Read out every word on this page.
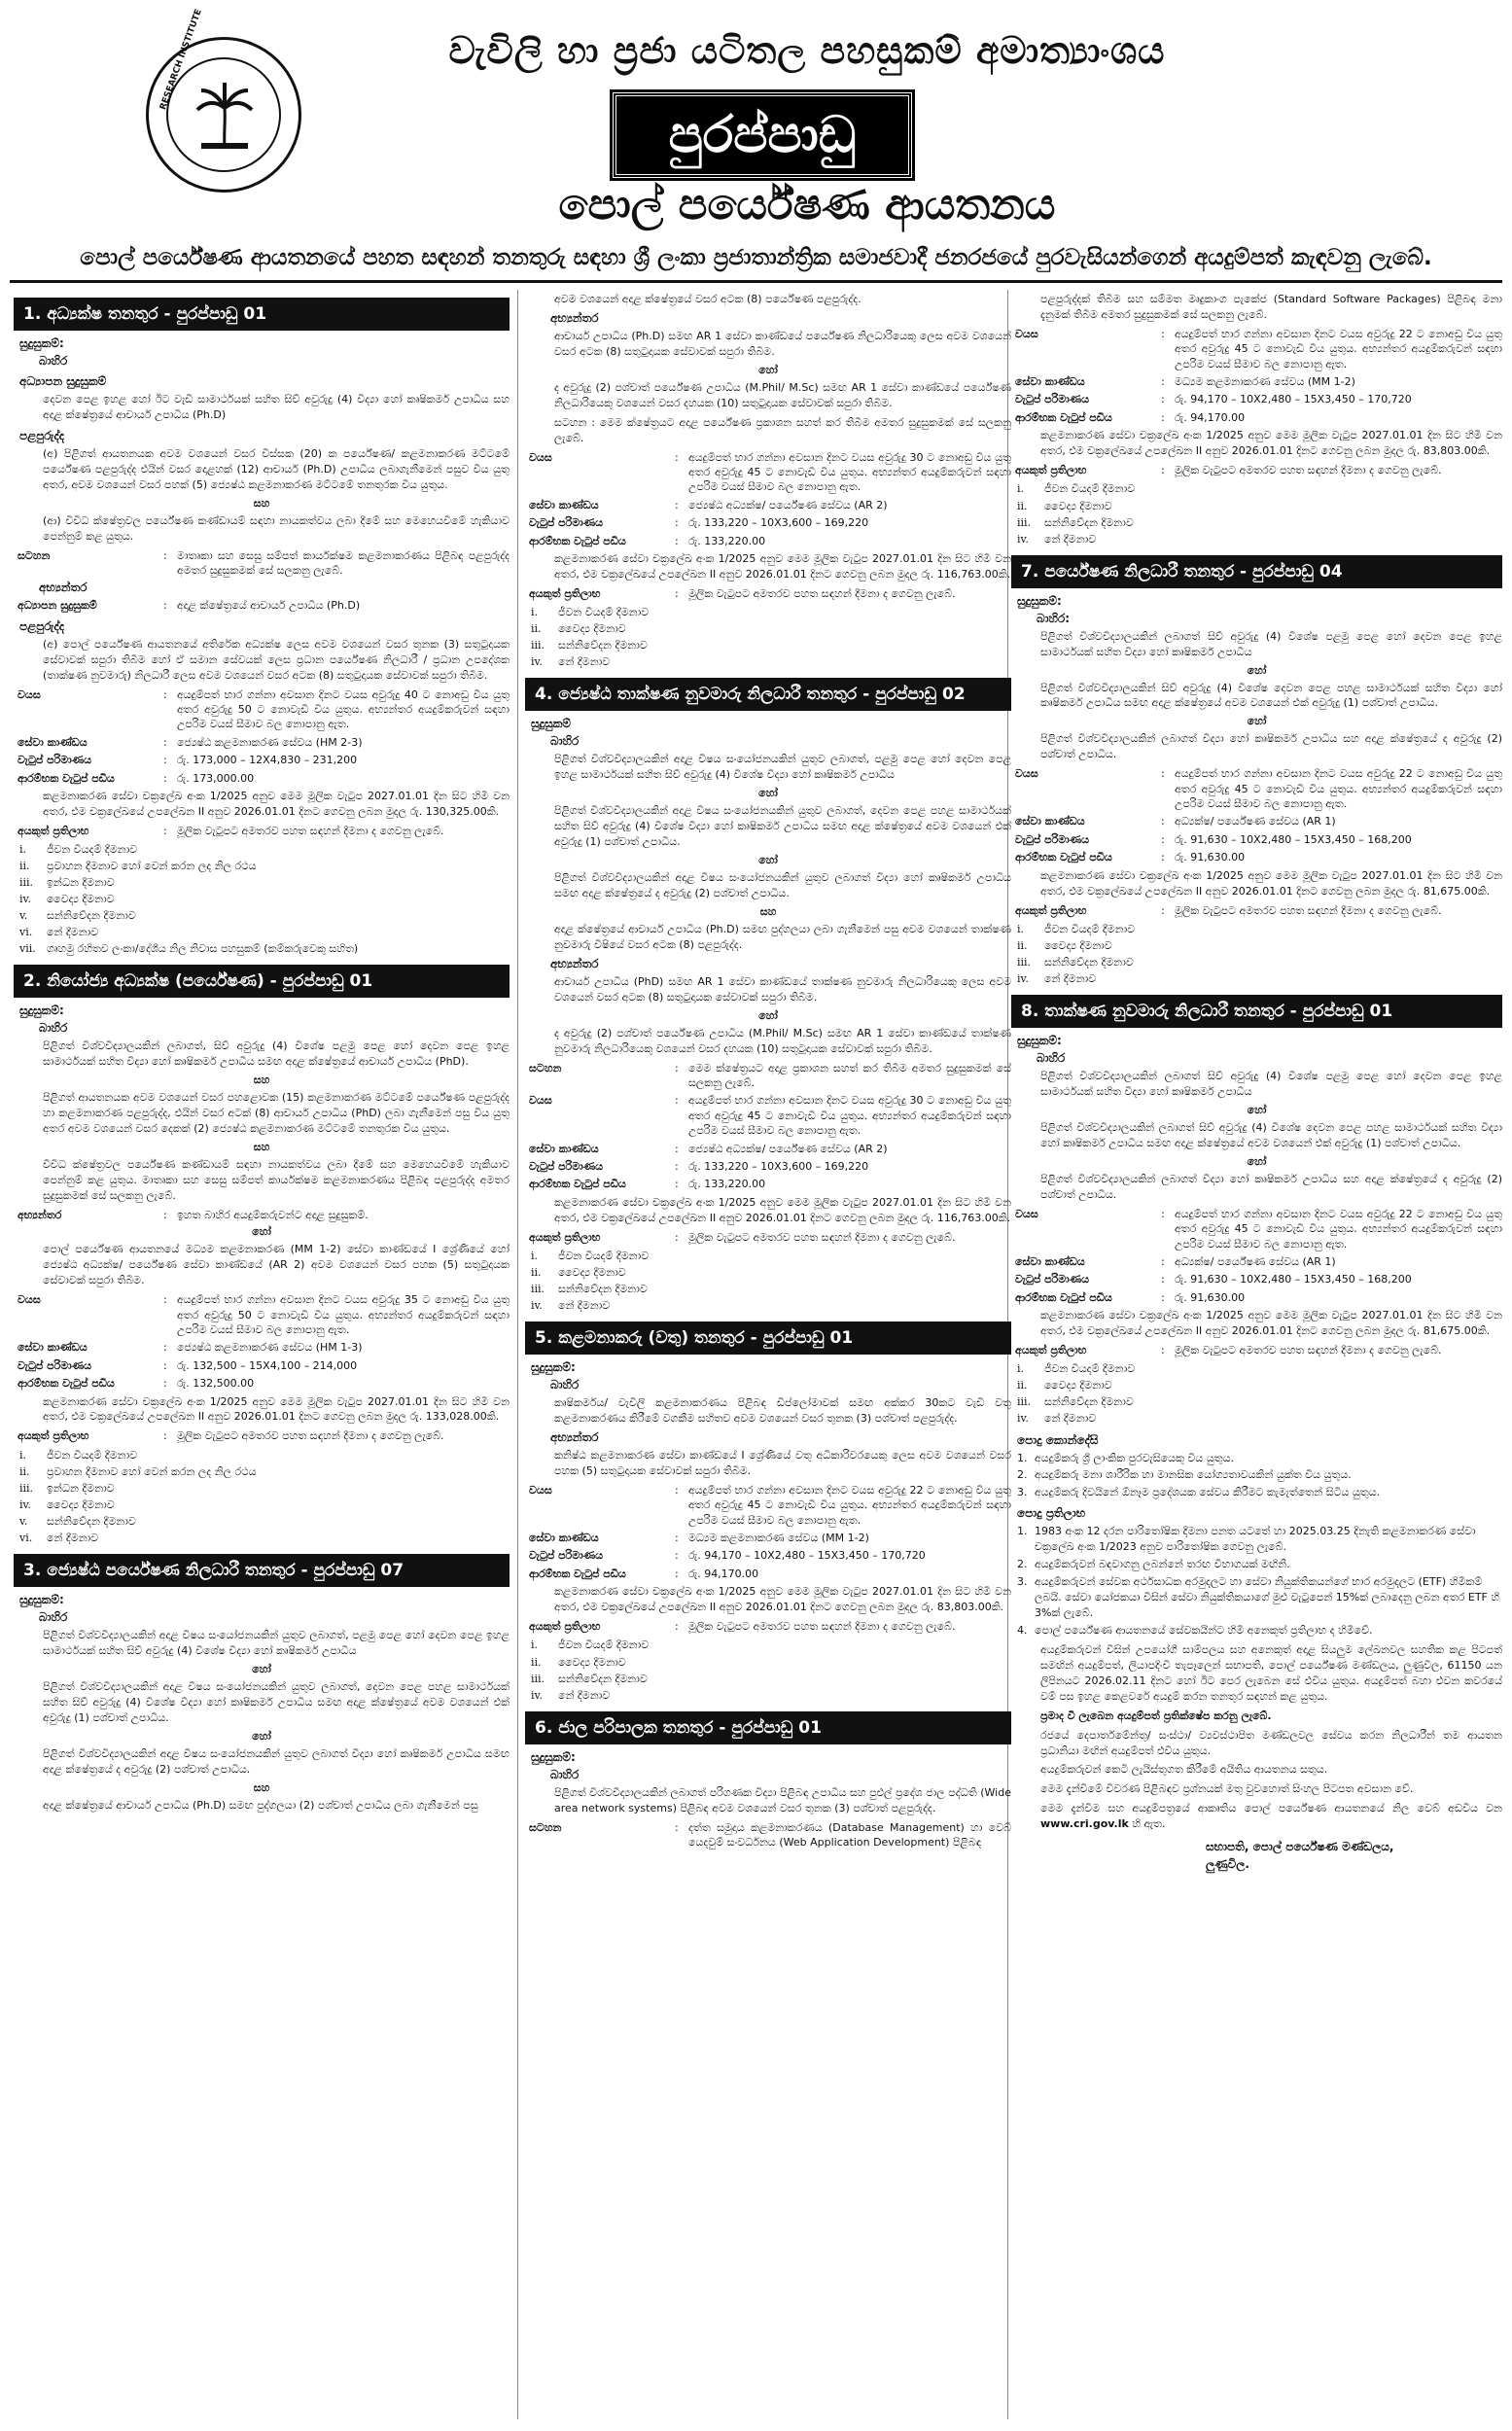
RESEARCH INSTITUTE	වැවිලි හා ප්‍රජා යටිතල පහසුකම් අමාත්‍යාංශය
පුරප්පාඩු
පොල් පර්යේෂණ ආයතනය
පොල් පර්යේෂණ ආයතනයේ පහත සඳහන් තනතුරු සඳහා ශ්‍රී ලංකා ප්‍රජාතාන්ත්‍රික සමාජවාදී ජනරජයේ පුරවැසියන්ගෙන් අයදුම්පත් කැඳවනු ලැබේ.
1. අධ්‍යක්ෂ තනතුර - පුරප්පාඩු 01
සුදුසුකම්:
බාහිර
අධ්‍යාපන සුදුසුකම්
දෙවන පෙළ ඉහළ හෝ ඊට වැඩි සාමාර්ථයක් සහිත සිව් අවුරුදු (4) විද්‍යා හෝ කෘෂිකර්ම උපාධිය සහ අදාළ ක්ෂේත්‍රයේ ආචාර්ය උපාධිය (Ph.D)
පළපුරුද්ද
(අ) පිළිගත් ආයතනයක අවම වශයෙන් වසර විස්සක (20) ක පර්යේෂණ/ කළමනාකරණ මට්ටමේ පර්යේෂණ පළපුරුද්ද එයින් වසර දොළහක් (12) ආචාර්ය (Ph.D) උපාධිය ලබාගැනීමෙන් පසුව විය යුතු අතර, අවම වශයෙන් වසර පහක් (5) ජ්‍යෙෂ්ඨ කළමනාකරණ මට්ටමේ තනතුරක විය යුතුය.
සහ
(ආ) විවිධ ක්ෂේත්‍රවල පර්යේෂණ කණ්ඩායම් සඳහා නායකත්වය ලබා දීමේ සහ මෙහෙයවීමේ හැකියාව පෙන්නුම් කළ යුතුය.
සටහන	: මාතෘකා සහ සෙසු සම්පත් කාර්යක්ෂම කළමනාකරණය පිළිබඳ පළපුරුද්ද අමතර සුදුසුකමක් සේ සලකනු ලැබේ.
අභ්‍යන්තර
අධ්‍යාපන සුදුසුකම්	: අදාළ ක්ෂේත්‍රයේ ආචාර්ය උපාධිය (Ph.D)
පළපුරුද්ද
(අ) පොල් පර්යේෂණ ආයතනයේ අතිරේක අධ්‍යක්ෂ ලෙස අවම වශයෙන් වසර තුනක (3) සතුටුදායක සේවාවක් සපුරා තිබීම හෝ ඒ සමාන සේවයක් ලෙස ප්‍රධාන පර්යේෂණ නිලධාරී / ප්‍රධාන උපදේශක (තාක්ෂණ නුවමාරු) නිලධාරී ලෙස අවම වශයෙන් වසර අටක (8) සතුටුදායක සේවාවක් සපුරා තිබීම.
වයස	: අයදුම්පත් භාර ගන්නා අවසාන දිනට වයස අවුරුදු 40 ට නොඅඩු විය යුතු අතර අවුරුදු 50 ට නොවැඩි විය යුතුය. අභ්‍යන්තර අයදුම්කරුවන් සඳහා උපරිම වයස් සීමාව බල නොපානු ඇත.
සේවා කාණ්ඩය	: ජ්‍යෙෂ්ඨ කළමනාකරණ සේවය (HM 2-3)
වැටුප් පරිමාණය	: රු. 173,000 – 12X4,830 – 231,200
ආරම්භක වැටුප් පඩිය	: රු. 173,000.00
කළමනාකරණ සේවා චක්‍රලේඛ අංක 1/2025 අනුව මෙම මූලික වැටුප 2027.01.01 දින සිට හිමි වන අතර, එම චක්‍රලේඛයේ උපලේඛන II අනුව 2026.01.01 දිනට ගෙවනු ලබන මුදල රු. 130,325.00කි.
අයකුත් ප්‍රතිලාභ	: මූලික වැටුපට අමතරව පහත සඳහන් දීමනා ද ගෙවනු ලැබේ.
i.	ජීවන වියදම් දීමනාව
ii.	ප්‍රවාහන දීමනාව හෝ වෙන් කරන ලද නිල රථය
iii.	ඉන්ධන දීමනාව
iv.	වෛද්‍ය දීමනාව
v.	සන්නිවේදන දීමනාව
vi.	නේ දීමනාව
vii.	ගෘහමු රහිතව ලංකා/දේශීය නිල නිවාස පහසුකම් (කම්කරුවෙකු සහිත)
2. නියෝජ්‍ය අධ්‍යක්ෂ (පර්යේෂණ) - පුරප්පාඩු 01
සුදුසුකම්:
බාහිර
පිළිගත් විශ්වවිද්‍යාලයකින් ලබාගත්, සිව් අවුරුදු (4) විශේෂ පළමු පෙළ හෝ දෙවන පෙළ ඉහළ සාමාර්ථයක් සහිත විද්‍යා හෝ කෘෂිකර්ම උපාධිය සමඟ අදාළ ක්ෂේත්‍රයේ ආචාර්ය උපාධිය (PhD).
සහ
පිළිගත් ආයතනයක අවම වශයෙන් වසර පහළොවක (15) කළමනාකරණ මට්ටමේ පර්යේෂණ පළපුරුද්ද හා කළමනාකරණ පළපුරුද්ද, එයින් වසර අටක් (8) ආචාර්ය උපාධිය (PhD) ලබා ගැනීමෙන් පසු විය යුතු අතර අවම වශයෙන් වසර දෙකක් (2) ජ්‍යෙෂ්ඨ කළමනාකරණ මට්ටමේ තනතුරක විය යුතුය.
සහ
විවිධ ක්ෂේත්‍රවල පර්යේෂණ කණ්ඩායම් සඳහා නායකත්වය ලබා දීමේ සහ මෙහෙයවීමේ හැකියාව පෙන්නුම් කළ යුතුය. මාතෘකා සහ සෙසු සම්පත් කාර්යක්ෂම කළමනාකරණය පිළිබඳ පළපුරුද්ද අමතර සුදුසුකමක් සේ සලකනු ලැබේ.
අභ්‍යන්තර	: ඉහත බාහිර අයදුම්කරුවන්ට අදාළ සුදුසුකම්.
හෝ
පොල් පර්යේෂණ ආයතනයේ මධ්‍යම කළමනාකරණ (MM 1-2) සේවා කාණ්ඩයේ I ශ්‍රේණියේ හෝ ජ්‍යෙෂ්ඨ අධ්‍යක්ෂ/ පර්යේෂණ සේවා කාණ්ඩයේ (AR 2) අවම වශයෙන් වසර පහක (5) සතුටුදායක සේවාවක් සපුරා තිබීම.
වයස	: අයදුම්පත් භාර ගන්නා අවසාන දිනට වයස අවුරුදු 35 ට නොඅඩු විය යුතු අතර අවුරුදු 50 ට නොවැඩි විය යුතුය. අභ්‍යන්තර අයදුම්කරුවන් සඳහා උපරිම වයස් සීමාව බල නොපානු ඇත.
සේවා කාණ්ඩය	: ජ්‍යෙෂ්ඨ කළමනාකරණ සේවය (HM 1-3)
වැටුප් පරිමාණය	: රු. 132,500 – 15X4,100 – 214,000
ආරම්භක වැටුප් පඩිය	: රු. 132,500.00
කළමනාකරණ සේවා චක්‍රලේඛ අංක 1/2025 අනුව මෙම මූලික වැටුප 2027.01.01 දින සිට හිමි වන අතර, එම චක්‍රලේඛයේ උපලේඛන II අනුව 2026.01.01 දිනට ගෙවනු ලබන මුදල රු. 133,028.00කි.
අයකුත් ප්‍රතිලාභ	: මූලික වැටුපට අමතරව පහත සඳහන් දීමනා ද ගෙවනු ලැබේ.
i.	ජීවන වියදම් දීමනාව
ii.	ප්‍රවාහන දීමනාව හෝ වෙන් කරන ලද නිල රථය
iii.	ඉන්ධන දීමනාව
iv.	වෛද්‍ය දීමනාව
v.	සන්නිවේදන දීමනාව
vi.	නේ දීමනාව
3. ජ්‍යෙෂ්ඨ පර්යේෂණ නිලධාරී තනතුර - පුරප්පාඩු 07
සුදුසුකම්:
බාහිර
පිළිගත් විශ්වවිද්‍යාලයකින් අදාළ විෂය සංයෝජනයකින් යුතුව ලබාගත්, පළමු පෙළ හෝ දෙවන පෙළ ඉහළ සාමාර්ථයක් සහිත සිව් අවුරුදු (4) විශේෂ විද්‍යා හෝ කෘෂිකර්ම උපාධිය
හෝ
පිළිගත් විශ්වවිද්‍යාලයකින් අදාළ විෂය සංයෝජනයකින් යුතුව ලබාගත්, දෙවන පෙළ පහළ සාමාර්ථයක් සහිත සිව් අවුරුදු (4) විශේෂ විද්‍යා හෝ කෘෂිකර්ම උපාධිය සමඟ අදාළ ක්ෂේත්‍රයේ අවම වශයෙන් එක් අවුරුදු (1) පශ්චාත් උපාධිය.
හෝ
පිළිගත් විශ්වවිද්‍යාලයකින් අදාළ විෂය සංයෝජනයකින් යුතුව ලබාගත් විද්‍යා හෝ කෘෂිකර්ම උපාධිය සමඟ අදාළ ක්ෂේත්‍රයේ ද අවුරුදු (2) පශ්චාත් උපාධිය.
සහ
අදාළ ක්ෂේත්‍රයේ ආචාර්ය උපාධිය (Ph.D) සමඟ පුද්ගලයා (2) පශ්චාත් උපාධිය ලබා ගැනීමෙන් පසු
අවම වශයෙන් අදාළ ක්ෂේත්‍රයේ වසර අටක (8) පර්යේෂණ පළපුරුද්ද.
අභ්‍යන්තර
ආචාර්ය උපාධිය (Ph.D) සමඟ AR 1 සේවා කාණ්ඩයේ පර්යේෂණ නිලධාරියෙකු ලෙස අවම වශයෙන් වසර අටක (8) සතුටුදායක සේවාවක් සපුරා තිබීම.
හෝ
ද අවුරුදු (2) පශ්චාත් පර්යේෂණ උපාධිය (M.Phil/ M.Sc) සමඟ AR 1 සේවා කාණ්ඩයේ පර්යේෂණ නිලධාරියෙකු වශයෙන් වසර දහයක (10) සතුටුදායක සේවාවක් සපුරා තිබීම.
සටහන : මෙම ක්ෂේත්‍රයට අදාළ පර්යේෂණ ප්‍රකාශන සහත් කර තිබීම අමතර සුදුසුකමක් සේ සලකනු ලැබේ.
වයස	: අයදුම්පත් භාර ගන්නා අවසාන දිනට වයස අවුරුදු 30 ට නොඅඩු විය යුතු අතර අවුරුදු 45 ට නොවැඩි විය යුතුය. අභ්‍යන්තර අයදුම්කරුවන් සඳහා උපරිම වයස් සීමාව බල නොපානු ඇත.
සේවා කාණ්ඩය	: ජ්‍යෙෂ්ඨ අධ්‍යක්ෂ/ පර්යේෂණ සේවය (AR 2)
වැටුප් පරිමාණය	: රු. 133,220 – 10X3,600 – 169,220
ආරම්භක වැටුප් පඩිය	: රු. 133,220.00
කළමනාකරණ සේවා චක්‍රලේඛ අංක 1/2025 අනුව මෙම මූලික වැටුප 2027.01.01 දින සිට හිමි වන අතර, එම චක්‍රලේඛයේ උපලේඛන II අනුව 2026.01.01 දිනට ගෙවනු ලබන මුදල රු. 116,763.00කි.
අයකුත් ප්‍රතිලාභ	: මූලික වැටුපට අමතරව පහත සඳහන් දීමනා ද ගෙවනු ලැබේ.
i.	ජීවන වියදම් දීමනාව
ii.	වෛද්‍ය දීමනාව
iii.	සන්නිවේදන දීමනාව
iv.	නේ දීමනාව
4. ජ්‍යෙෂ්ඨ තාක්ෂණ නුවමාරු නිලධාරී තනතුර - පුරප්පාඩු 02
සුදුසුකම්
බාහිර
පිළිගත් විශ්වවිද්‍යාලයකින් අදාළ විෂය සංයෝජනයකින් යුතුව ලබාගත්, පළමු පෙළ හෝ දෙවන පෙළ ඉහළ සාමාර්ථයක් සහිත සිව් අවුරුදු (4) විශේෂ විද්‍යා හෝ කෘෂිකර්ම උපාධිය
හෝ
පිළිගත් විශ්වවිද්‍යාලයකින් අදාළ විෂය සංයෝජනයකින් යුතුව ලබාගත්, දෙවන පෙළ පහළ සාමාර්ථයක් සහිත සිව් අවුරුදු (4) විශේෂ විද්‍යා හෝ කෘෂිකර්ම උපාධිය සමඟ අදාළ ක්ෂේත්‍රයේ අවම වශයෙන් එක් අවුරුදු (1) පශ්චාත් උපාධිය.
හෝ
පිළිගත් විශ්වවිද්‍යාලයකින් අදාළ විෂය සංයෝජනයකින් යුතුව ලබාගත් විද්‍යා හෝ කෘෂිකර්ම උපාධිය සමඟ අදාළ ක්ෂේත්‍රයේ ද අවුරුදු (2) පශ්චාත් උපාධිය.
සහ
අදාළ ක්ෂේත්‍රයේ ආචාර්ය උපාධිය (Ph.D) සමඟ පුද්ගලයා ලබා ගැනීමෙන් පසු අවම වශයෙන් තාක්ෂණ නුවමාරු විෂියේ වසර අටක (8) පළපුරුද්ද.
අභ්‍යන්තර
ආචාර්ය උපාධිය (PhD) සමඟ AR 1 සේවා කාණ්ඩයේ තාක්ෂණ නුවමාරු නිලධාරියෙකු ලෙස අවම වශයෙන් වසර අටක (8) සතුටුදායක සේවාවක් සපුරා තිබීම.
හෝ
ද අවුරුදු (2) පශ්චාත් පර්යේෂණ උපාධිය (M.Phil/ M.Sc) සමඟ AR 1 සේවා කාණ්ඩයේ තාක්ෂණ නුවමාරු නිලධාරියෙකු වශයෙන් වසර දහයක (10) සතුටුදායක සේවාවක් සපුරා තිබීම.
සටහන	: මෙම ක්ෂේත්‍රයට අදාළ ප්‍රකාශන සහත් කර තිබීම අමතර සුදුසුකමක් සේ සලකනු ලැබේ.
වයස	: අයදුම්පත් භාර ගන්නා අවසාන දිනට වයස අවුරුදු 30 ට නොඅඩු විය යුතු අතර අවුරුදු 45 ට නොවැඩි විය යුතුය. අභ්‍යන්තර අයදුම්කරුවන් සඳහා උපරිම වයස් සීමාව බල නොපානු ඇත.
සේවා කාණ්ඩය	: ජ්‍යෙෂ්ඨ අධ්‍යක්ෂ/ පර්යේෂණ සේවය (AR 2)
වැටුප් පරිමාණය	: රු. 133,220 – 10X3,600 – 169,220
ආරම්භක වැටුප් පඩිය	: රු. 133,220.00
කළමනාකරණ සේවා චක්‍රලේඛ අංක 1/2025 අනුව මෙම මූලික වැටුප 2027.01.01 දින සිට හිමි වන අතර, එම චක්‍රලේඛයේ උපලේඛන II අනුව 2026.01.01 දිනට ගෙවනු ලබන මුදල රු. 116,763.00කි.
අයකුත් ප්‍රතිලාභ	: මූලික වැටුපට අමතරව පහත සඳහන් දීමනා ද ගෙවනු ලැබේ.
i.	ජීවන වියදම් දීමනාව
ii.	වෛද්‍ය දීමනාව
iii.	සන්නිවේදන දීමනාව
iv.	නේ දීමනාව
5. කළමනාකරු (වතු) තනතුර - පුරප්පාඩු 01
සුදුසුකම්:
බාහිර
කෘෂිකර්මය/ වැවිලි කළමනාකරණය පිළිබඳ ඩිප්ලෝමාවක් සමඟ අක්කර 30කට වැඩි වතු කළමනාකරණය කිරීමේ වගකීම සහිතව අවම වශයෙන් වසර තුනක (3) පශ්චාත් පළපුරුද්ද.
අභ්‍යන්තර
කනිෂ්ඨ කළමනාකරණ සේවා කාණ්ඩයේ I ශ්‍රේණියේ වතු අධිකාරිවරයෙකු ලෙස අවම වශයෙන් වසර පහක (5) සතුටුදායක සේවාවක් සපුරා තිබීම.
වයස	: අයදුම්පත් භාර ගන්නා අවසාන දිනට වයස අවුරුදු 22 ට නොඅඩු විය යුතු අතර අවුරුදු 45 ට නොවැඩි විය යුතුය. අභ්‍යන්තර අයදුම්කරුවන් සඳහා උපරිම වයස් සීමාව බල නොපානු ඇත.
සේවා කාණ්ඩය	: මධ්‍යම කළමනාකරණ සේවය (MM 1-2)
වැටුප් පරිමාණය	: රු. 94,170 – 10X2,480 – 15X3,450 – 170,720
ආරම්භක වැටුප් පඩිය	: රු. 94,170.00
කළමනාකරණ සේවා චක්‍රලේඛ අංක 1/2025 අනුව මෙම මූලික වැටුප 2027.01.01 දින සිට හිමි වන අතර, එම චක්‍රලේඛයේ උපලේඛන II අනුව 2026.01.01 දිනට ගෙවනු ලබන මුදල රු. 83,803.00කි.
අයකුත් ප්‍රතිලාභ	: මූලික වැටුපට අමතරව පහත සඳහන් දීමනා ද ගෙවනු ලැබේ.
i.	ජීවන වියදම් දීමනාව
ii.	වෛද්‍ය දීමනාව
iii.	සන්නිවේදන දීමනාව
iv.	නේ දීමනාව
6. ජාල පරිපාලක තනතුර - පුරප්පාඩු 01
සුදුසුකම්:
බාහිර
පිළිගත් විශ්වවිද්‍යාලයකින් ලබාගත් පරිගණක විද්‍යා පිළිබඳ උපාධිය සහ පුළුල් ප්‍රදේශ ජාල පද්ධති (Wide area network systems) පිළිබඳ අවම වශයෙන් වසර තුනක (3) පශ්චාත් පළපුරුද්ද.
සටහන	: දත්ත සමුදාය කළමනාකරණය (Database Management) හා වෙබ් යෙදවුම් සංවර්ධනය (Web Application Development) පිළිබඳ
පළපුරුද්දක් තිබීම සහ සම්මත මෘදුකාංග පැකේජ (Standard Software Packages) පිළිබඳ මනා දැනුමක් තිබීම අමතර සුදුසුකමක් සේ සලකනු ලැබේ.
වයස	: අයදුම්පත් භාර ගන්නා අවසාන දිනට වයස අවුරුදු 22 ට නොඅඩු විය යුතු අතර අවුරුදු 45 ට නොවැඩි විය යුතුය. අභ්‍යන්තර අයදුම්කරුවන් සඳහා උපරිම වයස් සීමාව බල නොපානු ඇත.
සේවා කාණ්ඩය	: මධ්‍යම කළමනාකරණ සේවය (MM 1-2)
වැටුප් පරිමාණය	: රු. 94,170 – 10X2,480 – 15X3,450 – 170,720
ආරම්භක වැටුප් පඩිය	: රු. 94,170.00
කළමනාකරණ සේවා චක්‍රලේඛ අංක 1/2025 අනුව මෙම මූලික වැටුප 2027.01.01 දින සිට හිමි වන අතර, එම චක්‍රලේඛයේ උපලේඛන II අනුව 2026.01.01 දිනට ගෙවනු ලබන මුදල රු. 83,803.00කි.
අයකුත් ප්‍රතිලාභ	: මූලික වැටුපට අමතරව පහත සඳහන් දීමනා ද ගෙවනු ලැබේ.
i.	ජීවන වියදම් දීමනාව
ii.	වෛද්‍ය දීමනාව
iii.	සන්නිවේදන දීමනාව
iv.	නේ දීමනාව
7. පර්යේෂණ නිලධාරී තනතුර - පුරප්පාඩු 04
සුදුසුකම්:
බාහිර:
පිළිගත් විශ්වවිද්‍යාලයකින් ලබාගත් සිව් අවුරුදු (4) විශේෂ පළමු පෙළ හෝ දෙවන පෙළ ඉහළ සාමාර්ථයක් සහිත විද්‍යා හෝ කෘෂිකර්ම උපාධිය
හෝ
පිළිගත් විශ්වවිද්‍යාලයකින් සිව් අවුරුදු (4) විශේෂ දෙවන පෙළ පහළ සාමාර්ථයක් සහිත විද්‍යා හෝ කෘෂිකර්ම උපාධිය සමඟ අදාළ ක්ෂේත්‍රයේ අවම වශයෙන් එක් අවුරුදු (1) පශ්චාත් උපාධිය.
හෝ
පිළිගත් විශ්වවිද්‍යාලයකින් ලබාගත් විද්‍යා හෝ කෘෂිකර්ම උපාධිය සහ අදාළ ක්ෂේත්‍රයේ ද අවුරුදු (2) පශ්චාත් උපාධිය.
වයස	: අයදුම්පත් භාර ගන්නා අවසාන දිනට වයස අවුරුදු 22 ට නොඅඩු විය යුතු අතර අවුරුදු 45 ට නොවැඩි විය යුතුය. අභ්‍යන්තර අයදුම්කරුවන් සඳහා උපරිම වයස් සීමාව බල නොපානු ඇත.
සේවා කාණ්ඩය	: අධ්‍යක්ෂ/ පර්යේෂණ සේවය (AR 1)
වැටුප් පරිමාණය	: රු. 91,630 – 10X2,480 – 15X3,450 – 168,200
ආරම්භක වැටුප් පඩිය	: රු. 91,630.00
කළමනාකරණ සේවා චක්‍රලේඛ අංක 1/2025 අනුව මෙම මූලික වැටුප 2027.01.01 දින සිට හිමි වන අතර, එම චක්‍රලේඛයේ උපලේඛන II අනුව 2026.01.01 දිනට ගෙවනු ලබන මුදල රු. 81,675.00කි.
අයකුත් ප්‍රතිලාභ	: මූලික වැටුපට අමතරව පහත සඳහන් දීමනා ද ගෙවනු ලැබේ.
i.	ජීවන වියදම් දීමනාව
ii.	වෛද්‍ය දීමනාව
iii.	සන්නිවේදන දීමනාව
iv.	නේ දීමනාව
8. තාක්ෂණ නුවමාරු නිලධාරී තනතුර - පුරප්පාඩු 01
සුදුසුකම්:
බාහිර
පිළිගත් විශ්වවිද්‍යාලයකින් ලබාගත් සිව් අවුරුදු (4) විශේෂ පළමු පෙළ හෝ දෙවන පෙළ ඉහළ සාමාර්ථයක් සහිත විද්‍යා හෝ කෘෂිකර්ම උපාධිය
හෝ
පිළිගත් විශ්වවිද්‍යාලයකින් ලබාගත් සිව් අවුරුදු (4) විශේෂ දෙවන පෙළ පහළ සාමාර්ථයක් සහිත විද්‍යා හෝ කෘෂිකර්ම උපාධිය සමඟ අදාළ ක්ෂේත්‍රයේ අවම වශයෙන් එක් අවුරුදු (1) පශ්චාත් උපාධිය.
හෝ
පිළිගත් විශ්වවිද්‍යාලයකින් ලබාගත් විද්‍යා හෝ කෘෂිකර්ම උපාධිය සහ අදාළ ක්ෂේත්‍රයේ ද අවුරුදු (2) පශ්චාත් උපාධිය.
වයස	: අයදුම්පත් භාර ගන්නා අවසාන දිනට වයස අවුරුදු 22 ට නොඅඩු විය යුතු අතර අවුරුදු 45 ට නොවැඩි විය යුතුය. අභ්‍යන්තර අයදුම්කරුවන් සඳහා උපරිම වයස් සීමාව බල නොපානු ඇත.
සේවා කාණ්ඩය	: අධ්‍යක්ෂ/ පර්යේෂණ සේවය (AR 1)
වැටුප් පරිමාණය	: රු. 91,630 – 10X2,480 – 15X3,450 – 168,200
ආරම්භක වැටුප් පඩිය	: රු. 91,630.00
කළමනාකරණ සේවා චක්‍රලේඛ අංක 1/2025 අනුව මෙම මූලික වැටුප 2027.01.01 දින සිට හිමි වන අතර, එම චක්‍රලේඛයේ උපලේඛන II අනුව 2026.01.01 දිනට ගෙවනු ලබන මුදල රු. 81,675.00කි.
අයකුත් ප්‍රතිලාභ	: මූලික වැටුපට අමතරව පහත සඳහන් දීමනා ද ගෙවනු ලැබේ.
i.	ජීවන වියදම් දීමනාව
ii.	වෛද්‍ය දීමනාව
iii.	සන්නිවේදන දීමනාව
iv.	නේ දීමනාව
පොදු කොන්දේසි
1. අයදුම්කරු ශ්‍රී ලාංකික පුරවැසියෙකු විය යුතුය.
2. අයදුම්කරු මනා ශාරීරික හා මානසික යෝග්‍යතාවයකින් යුක්ත විය යුතුය.
3. අයදුම්කරු දිවයිනේ ඕනෑම ප්‍රදේශයක සේවය කිරීමට කැමැත්තෙන් සිටිය යුතුය.
පොදු ප්‍රතිලාභ
1. 1983 අංක 12 දරන පාරිතෝෂික දීමනා පනත යටතේ හා 2025.03.25 දිනැති කළමනාකරණ සේවා චක්‍රලේඛ අංක 1/2023 අනුව පාරිතෝෂික ගෙවනු ලැබේ.
2. අයදුම්කරුවන් බඳවාගනු ලබන්නේ තරඟ විභාගයක් මඟිනි.
3. අයදුම්කරුවන් සේවක අර්ථසාධක අරමුදලට හා සේවා නියුක්තිකයන්ගේ භාර අරමුදලට (ETF) හිමිකම් ලබයි. සේවා යෝජකයා විසින් සේවා නියුක්තිකයාගේ මුළු වැටුපෙන් 15%ක් ලබාදෙනු ලබන අතර ETF හි 3%ක් ලැබේ.
4. පොල් පර්යේෂණ ආයතනයේ සේවකයින්ට හිමි අනෙකුත් ප්‍රතිලාභ ද හිමිවේ.
අයදුම්කරුවන් විසින් උපයෝගී සාම්පලය සහ අනෙකුත් අදාළ සියලුම ලේඛනවල සහතික කළ පිටපත් සමඟින් අයදුම්පත්, ලියාපදිංචි තැපෑලෙන් සභාපති, පොල් පර්යේෂණ මණ්ඩලය, ලුණුවිල, 61150 යන ලිපිනයට 2026.02.11 දිනට හෝ ඊට පෙර ලැබෙන සේ එවිය යුතුය. අයදුම්පත් බහා එවන කවරයේ වම් පස ඉහළ කෙළවරේ අයදුම් කරන තනතුර සඳහන් කළ යුතුය.
ප්‍රමාද වී ලැබෙන අයදුම්පත් ප්‍රතික්ෂේප කරනු ලැබේ.
රජයේ දෙපාර්තමේන්තු/ සංස්ථා/ ව්‍යවස්ථාපිත මණ්ඩලවල සේවය කරන නිලධාරීන් තම ආයතන ප්‍රධානියා මඟින් අයදුම්පත් එවිය යුතුය.
අයදුම්කරුවන් කෙටි ලැයිස්තුගත කිරීමේ අයිතිය ආයතනය සතුය.
මෙම දැන්වීමේ විවරණ පිළිබඳව ප්‍රශ්නයක් මතු වුවහොත් සිංහල පිටපත අවසාන වේ.
මෙම දැන්වීම සහ අයදුම්පත්‍රයේ ආකෘතිය පොල් පර්යේෂණ ආයතනයේ නිල වෙබ් අඩවිය වන www.cri.gov.lk හි ඇත.
සභාපති, පොල් පර්යේෂණ මණ්ඩලය,
ලුණුවිල.
